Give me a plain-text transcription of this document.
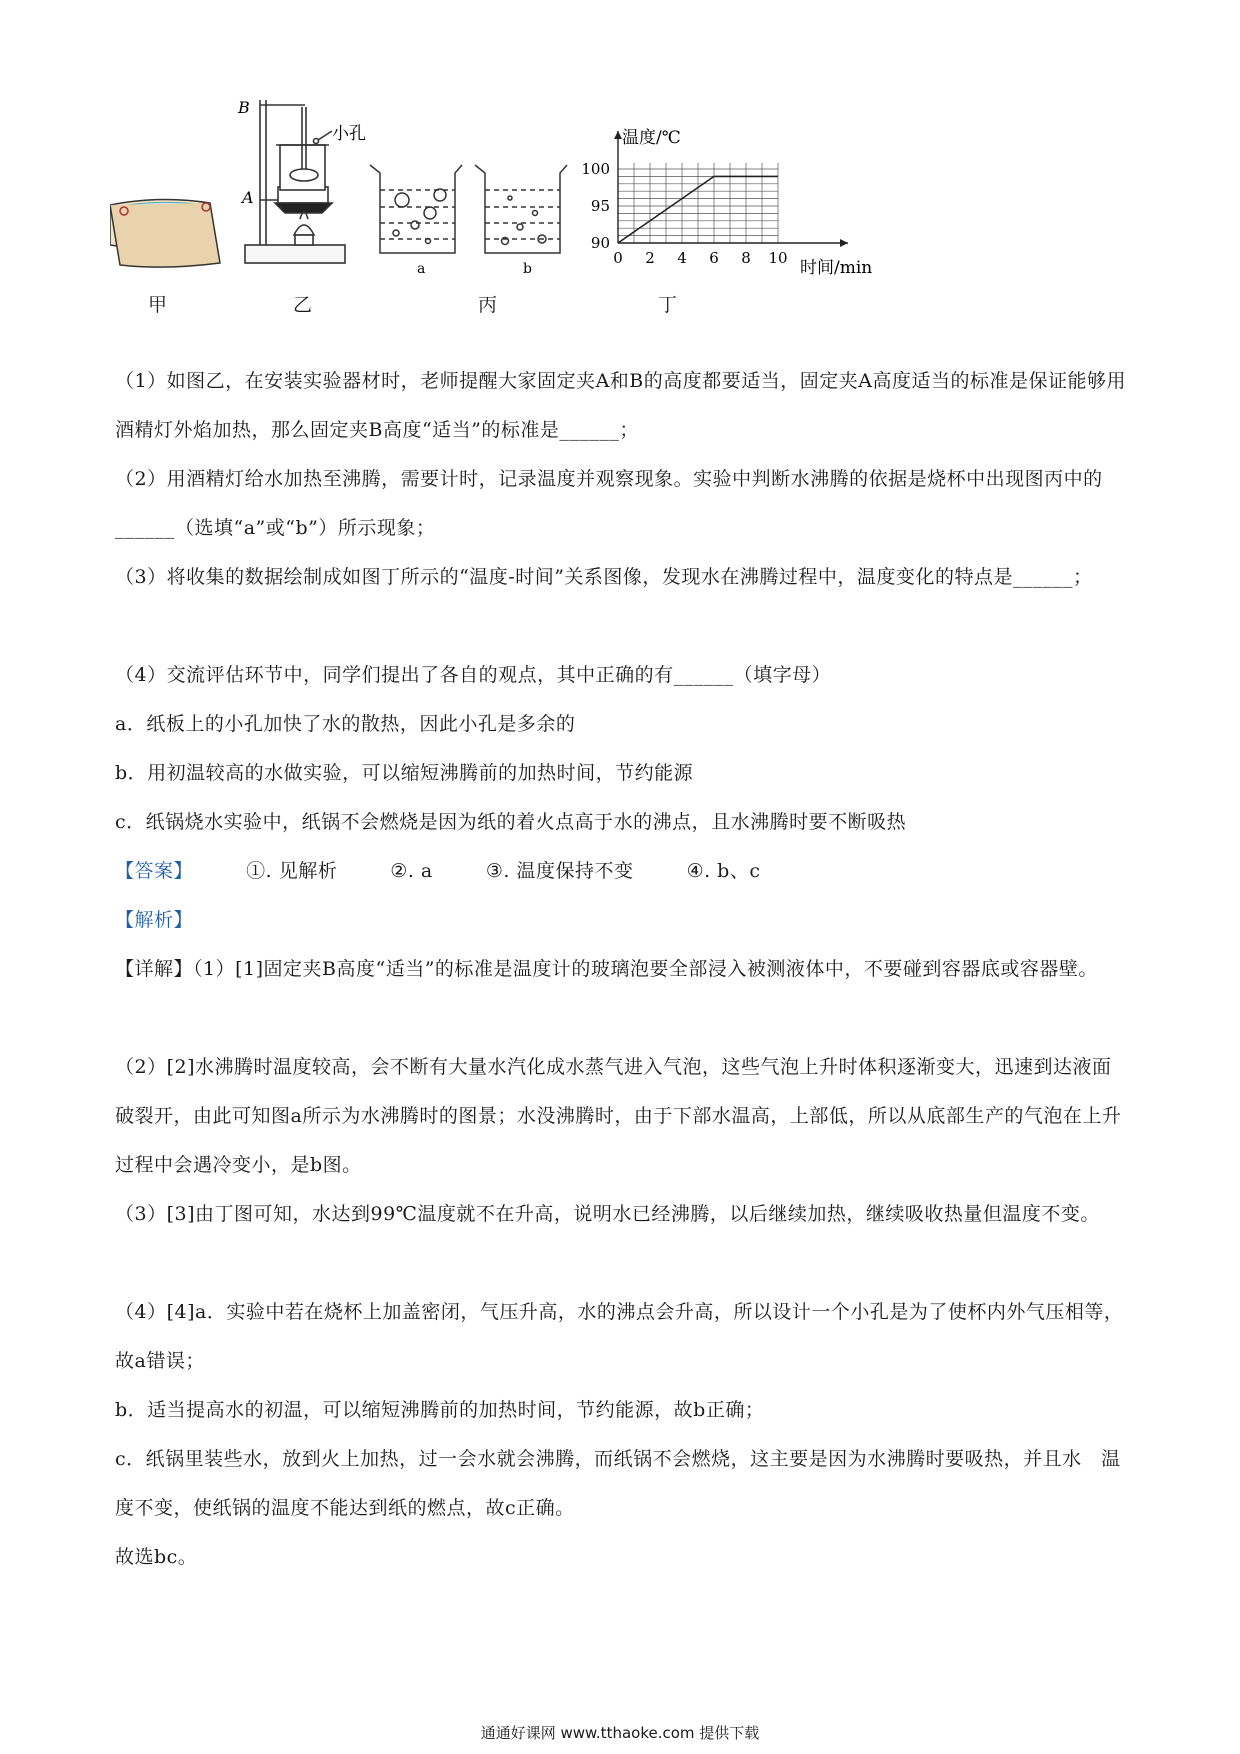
B
A
小孔
a	b
0 2 4 6 8 10
90
95
100
温度/℃
时间/min
甲	乙	丙	丁
（1）如图乙，在安装实验器材时，老师提醒大家固定夹A和B的高度都要适当，固定夹A高度适当的标准是保证能够用酒精灯外焰加热，那么固定夹B高度“适当”的标准是______；
（2）用酒精灯给水加热至沸腾，需要计时，记录温度并观察现象。实验中判断水沸腾的依据是烧杯中出现图丙中的______（选填“a”或“b”）所示现象；
（3）将收集的数据绘制成如图丁所示的“温度-时间”关系图像，发现水在沸腾过程中，温度变化的特点是______；
（4）交流评估环节中，同学们提出了各自的观点，其中正确的有______（填字母）
a．纸板上的小孔加快了水的散热，因此小孔是多余的
b．用初温较高的水做实验，可以缩短沸腾前的加热时间，节约能源
c．纸锅烧水实验中，纸锅不会燃烧是因为纸的着火点高于水的沸点，且水沸腾时要不断吸热
【答案】	①. 见解析	②. a	③. 温度保持不变	④. b、c
【解析】
【详解】（1）[1]固定夹B高度“适当”的标准是温度计的玻璃泡要全部浸入被测液体中，不要碰到容器底或容器壁。
（2）[2]水沸腾时温度较高，会不断有大量水汽化成水蒸气进入气泡，这些气泡上升时体积逐渐变大，迅速到达液面破裂开，由此可知图a所示为水沸腾时的图景；水没沸腾时，由于下部水温高，上部低，所以从底部生产的气泡在上升过程中会遇冷变小，是b图。
（3）[3]由丁图可知，水达到99℃温度就不在升高，说明水已经沸腾，以后继续加热，继续吸收热量但温度不变。
（4）[4]a．实验中若在烧杯上加盖密闭，气压升高，水的沸点会升高，所以设计一个小孔是为了使杯内外气压相等，故a错误；
b．适当提高水的初温，可以缩短沸腾前的加热时间，节约能源，故b正确；
c．纸锅里装些水，放到火上加热，过一会水就会沸腾，而纸锅不会燃烧，这主要是因为水沸腾时要吸热，并且水　温度不变，使纸锅的温度不能达到纸的燃点，故c正确。
故选bc。
通通好课网 www.tthaoke.com 提供下载
